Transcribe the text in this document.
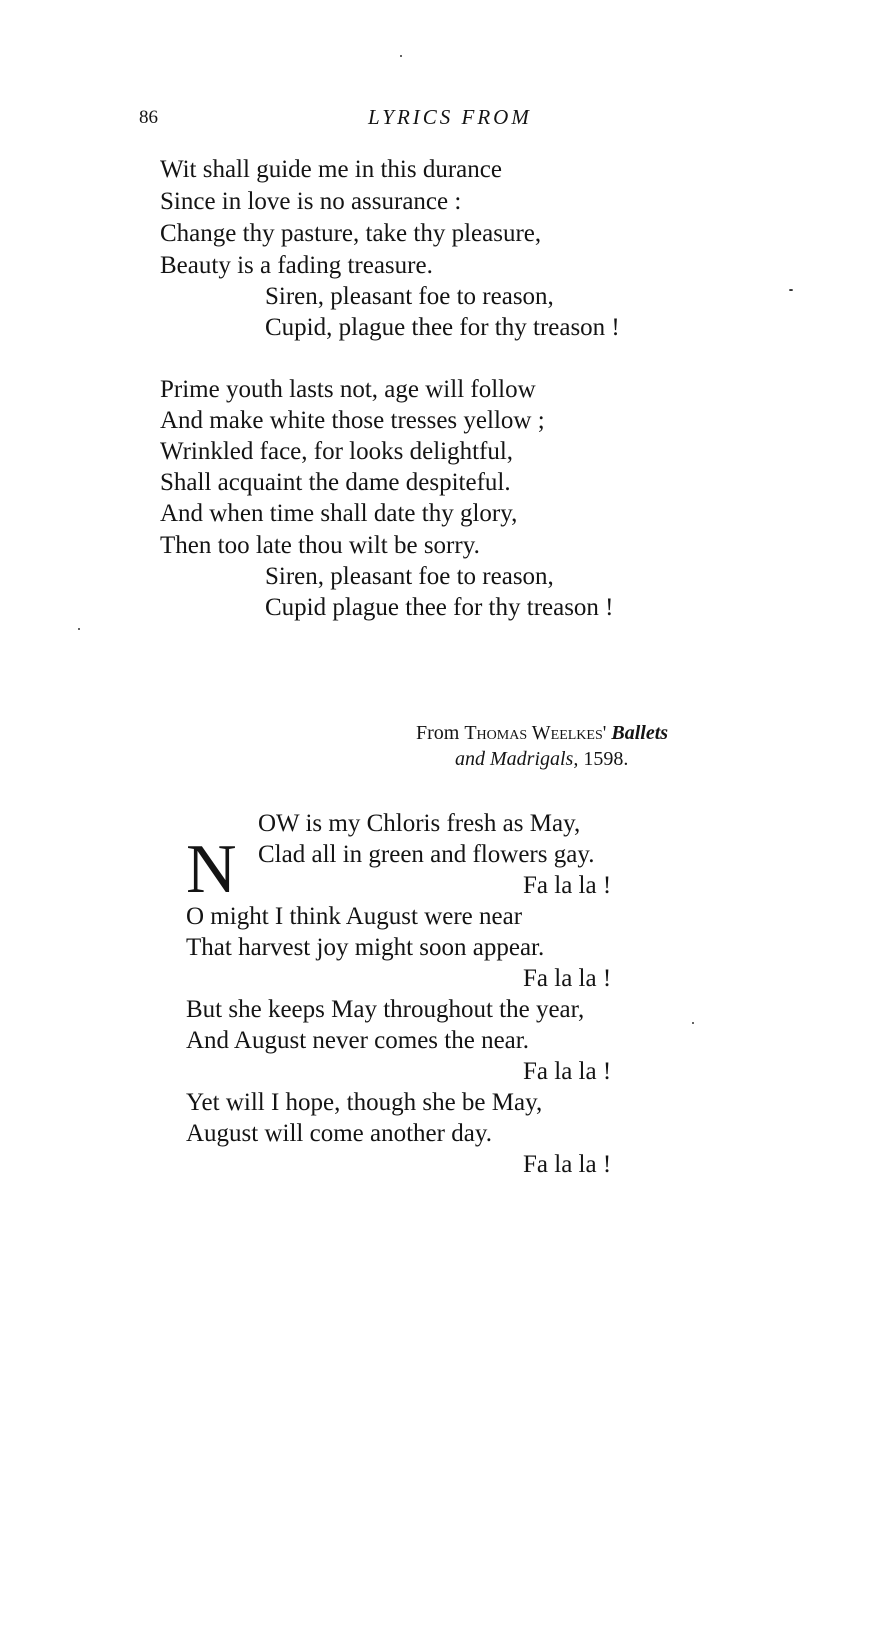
86	LYRICS FROM
Wit shall guide me in this durance
Since in love is no assurance :
Change thy pasture, take thy pleasure,
Beauty is a fading treasure.
Siren, pleasant foe to reason,
Cupid, plague thee for thy treason !
Prime youth lasts not, age will follow
And make white those tresses yellow ;
Wrinkled face, for looks delightful,
Shall acquaint the dame despiteful.
And when time shall date thy glory,
Then too late thou wilt be sorry.
Siren, pleasant foe to reason,
Cupid plague thee for thy treason !
From Thomas Weelkes' Ballets
and Madrigals, 1598.
N
OW is my Chloris fresh as May,
Clad all in green and flowers gay.
Fa la la !
O might I think August were near
That harvest joy might soon appear.
Fa la la !
But she keeps May throughout the year,
And August never comes the near.
Fa la la !
Yet will I hope, though she be May,
August will come another day.
Fa la la !
